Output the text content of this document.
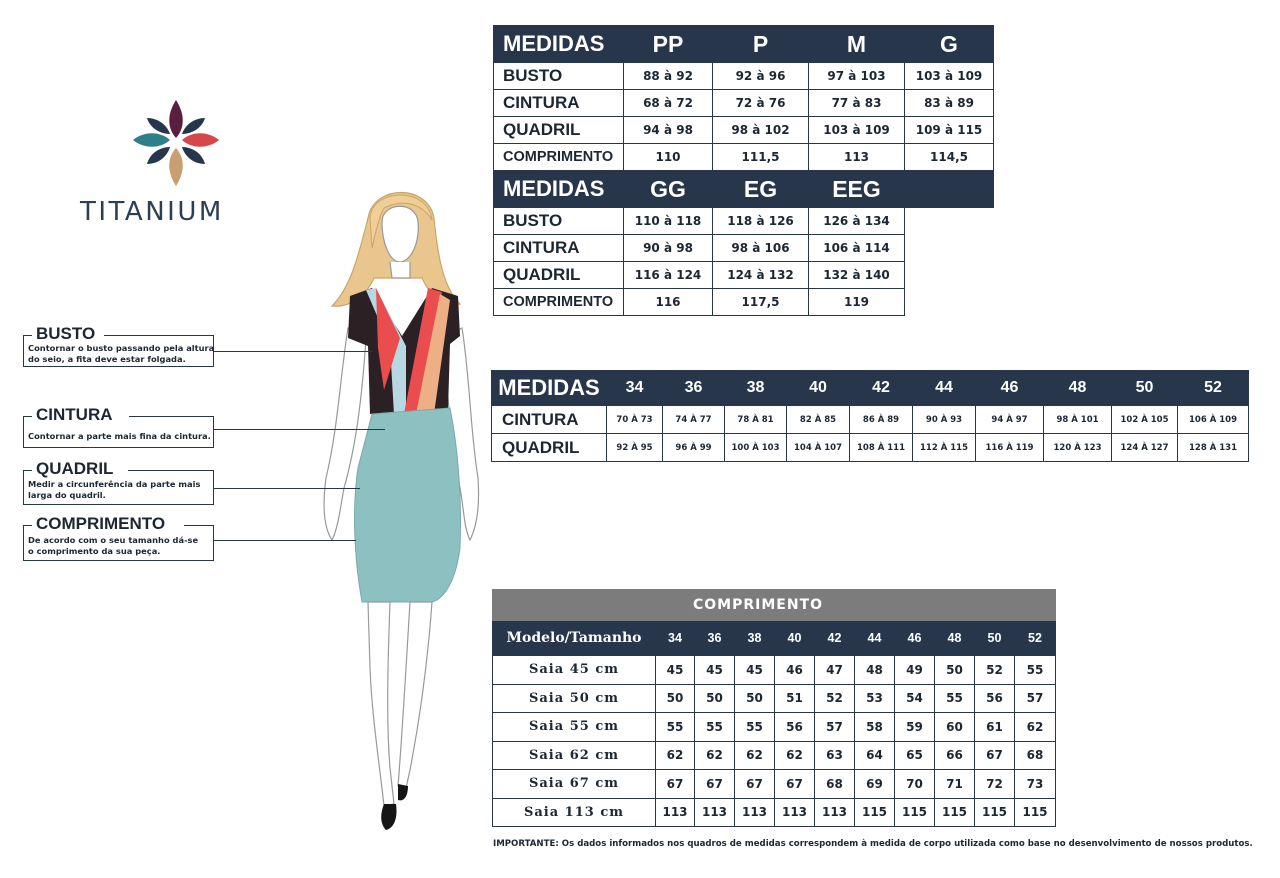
TITANIUM
BUSTO
Contornar o busto passando pela altura
do seio, a fita deve estar folgada.
CINTURA
Contornar a parte mais fina da cintura.
QUADRIL
Medir a circunferência da parte mais
larga do quadril.
COMPRIMENTO
De acordo com o seu tamanho dá-se
o comprimento da sua peça.
MEDIDAS	PP	P	M	G
BUSTO	88 à 92	92 à 96	97 à 103	103 à 109
CINTURA	68 à 72	72 à 76	77 à 83	83 à 89
QUADRIL	94 à 98	98 à 102	103 à 109	109 à 115
COMPRIMENTO	110	111,5	113	114,5
MEDIDAS	GG	EG	EEG	
BUSTO	110 à 118	118 à 126	126 à 134	
CINTURA	90 à 98	98 à 106	106 à 114	
QUADRIL	116 à 124	124 à 132	132 à 140	
COMPRIMENTO	116	117,5	119	
MEDIDAS	34	36	38	40	42	44	46	48	50	52
CINTURA	70 À 73	74 À 77	78 À 81	82 À 85	86 À 89	90 À 93	94 À 97	98 À 101	102 À 105	106 À 109
QUADRIL	92 À 95	96 À 99	100 À 103	104 À 107	108 À 111	112 À 115	116 À 119	120 À 123	124 À 127	128 À 131
COMPRIMENTO										
Modelo/Tamanho	34	36	38	40	42	44	46	48	50	52
Saia 45 cm	45	45	45	46	47	48	49	50	52	55
Saia 50 cm	50	50	50	51	52	53	54	55	56	57
Saia 55 cm	55	55	55	56	57	58	59	60	61	62
Saia 62 cm	62	62	62	62	63	64	65	66	67	68
Saia 67 cm	67	67	67	67	68	69	70	71	72	73
Saia 113 cm	113	113	113	113	113	115	115	115	115	115
IMPORTANTE: Os dados informados nos quadros de medidas correspondem à medida de corpo utilizada como base no desenvolvimento de nossos produtos.
